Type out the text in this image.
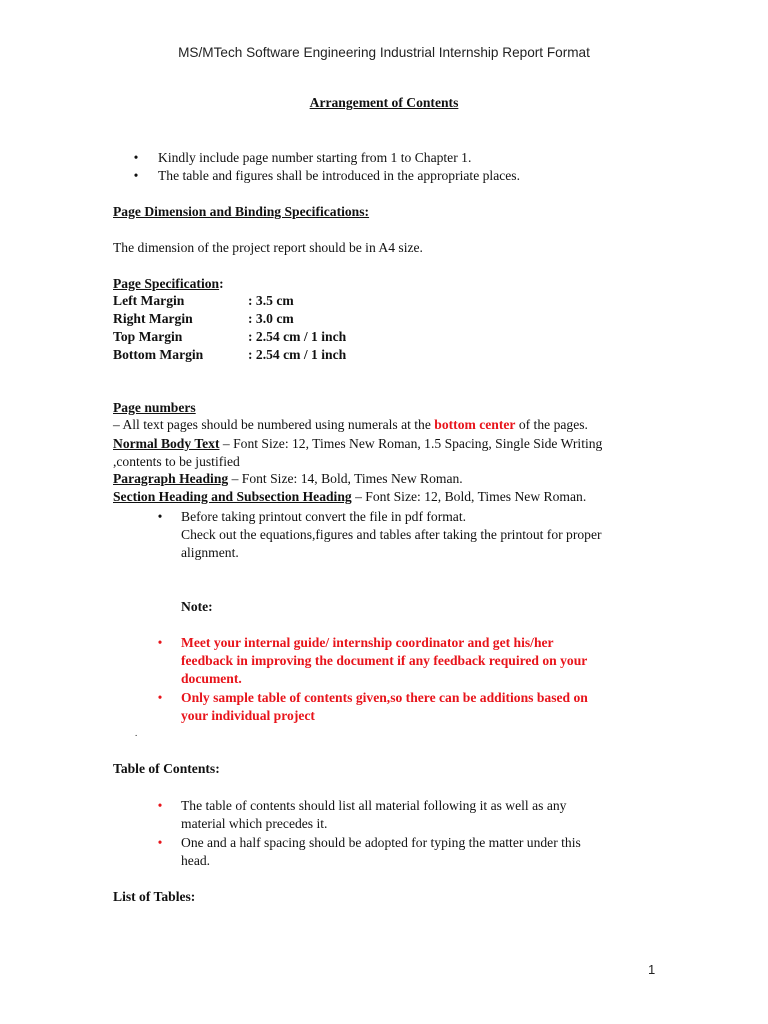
MS/MTech Software Engineering Industrial Internship Report Format
Arrangement of Contents
• Kindly include page number starting from 1 to Chapter 1.
• The table and figures shall be introduced in the appropriate places.
Page Dimension and Binding Specifications:
The dimension of the project report should be in A4 size.
Page Specification:
Left Margin	: 3.5 cm
Right Margin	: 3.0 cm
Top Margin	: 2.54 cm / 1 inch
Bottom Margin	: 2.54 cm / 1 inch
Page numbers
– All text pages should be numbered using numerals at the bottom center of the pages.
Normal Body Text – Font Size: 12, Times New Roman, 1.5 Spacing, Single Side Writing
,contents to be justified
Paragraph Heading – Font Size: 14, Bold, Times New Roman.
Section Heading and Subsection Heading – Font Size: 12, Bold, Times New Roman.
• Before taking printout convert the file in pdf format.
Check out the equations,figures and tables after taking the printout for proper
alignment.
Note:
• Meet your internal guide/ internship coordinator and get his/her
feedback in improving the document if any feedback required on your
document.
• Only sample table of contents given,so there can be additions based on
your individual project
.
Table of Contents:
• The table of contents should list all material following it as well as any
material which precedes it.
• One and a half spacing should be adopted for typing the matter under this
head.
List of Tables:
1
